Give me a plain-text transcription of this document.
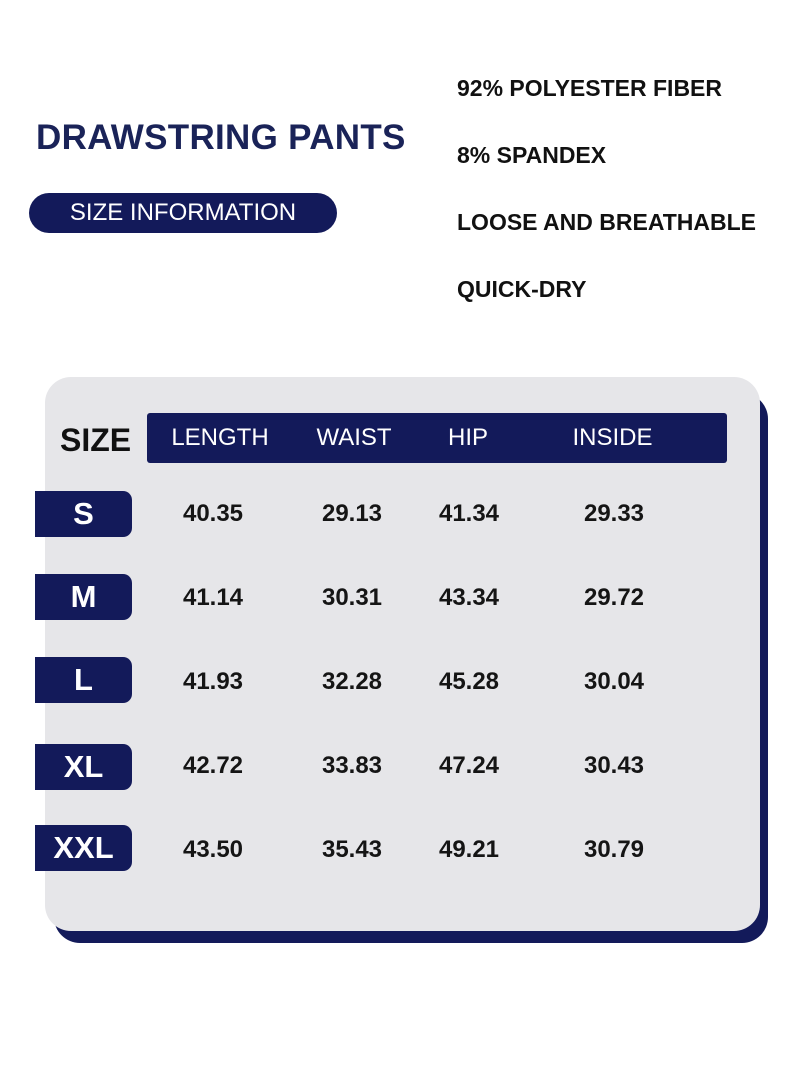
DRAWSTRING PANTS
SIZE INFORMATION
92% POLYESTER FIBER
8% SPANDEX
LOOSE AND BREATHABLE
QUICK-DRY
SIZE	LENGTH	WAIST	HIP	INSIDE
S	40.35	29.13	41.34	29.33
M	41.14	30.31	43.34	29.72
L	41.93	32.28	45.28	30.04
XL	42.72	33.83	47.24	30.43
XXL	43.50	35.43	49.21	30.79
